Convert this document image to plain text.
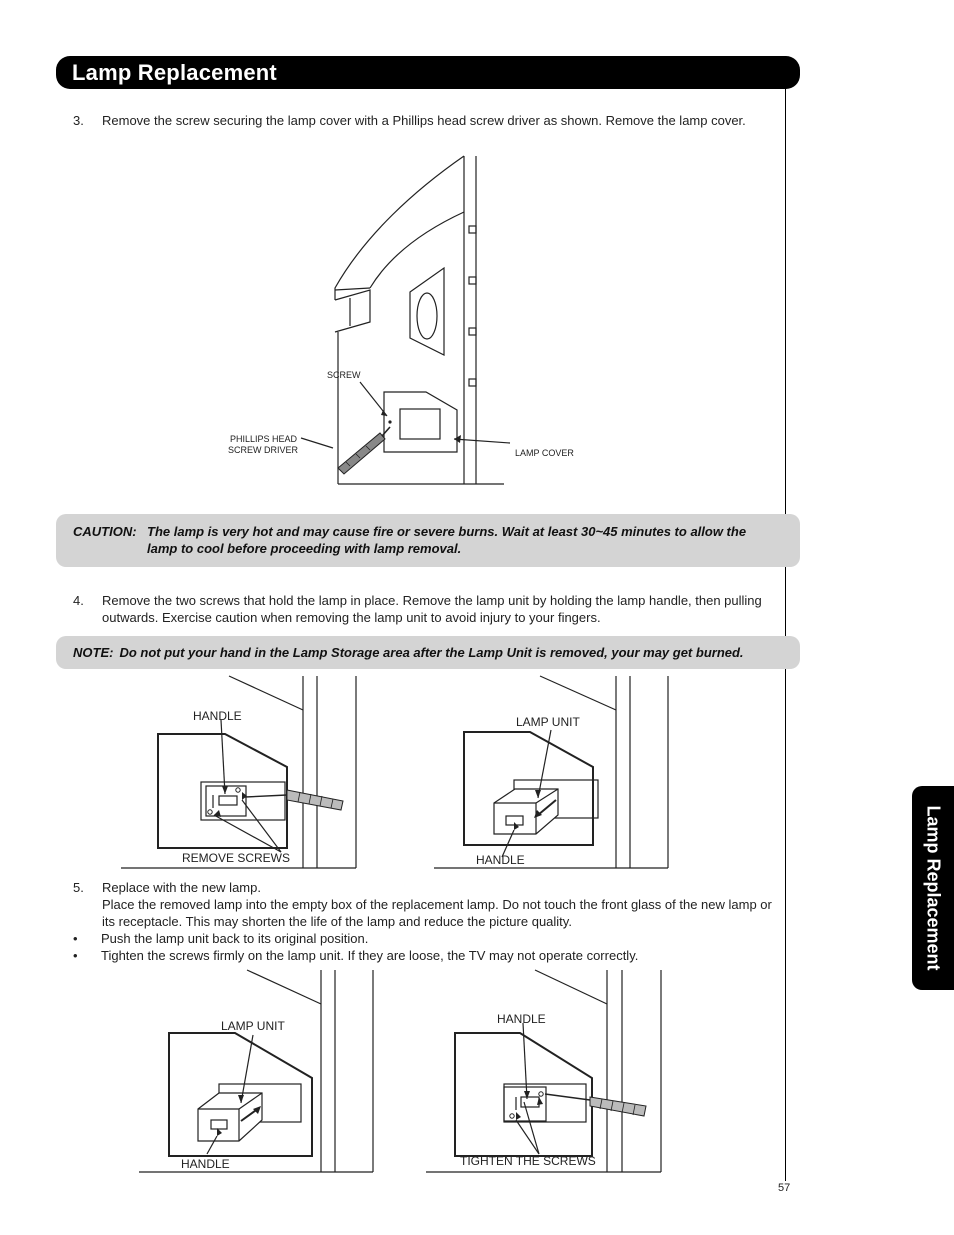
Lamp Replacement
3. Remove the screw securing the lamp cover with a Phillips head screw driver as shown. Remove the lamp cover.
SCREW
PHILLIPS HEAD
SCREW DRIVER	LAMP COVER
CAUTION: The lamp is very hot and may cause fire or severe burns. Wait at least 30~45 minutes to allow the lamp to cool before proceeding with lamp removal.
4. Remove the two screws that hold the lamp in place. Remove the lamp unit by holding the lamp handle, then pulling outwards. Exercise caution when removing the lamp unit to avoid injury to your fingers.
NOTE: Do not put your hand in the Lamp Storage area after the Lamp Unit is removed, your may get burned.
HANDLE
REMOVE SCREWS
LAMP UNIT
HANDLE
5. Replace with the new lamp.
Place the removed lamp into the empty box of the replacement lamp. Do not touch the front glass of the new lamp or its receptacle. This may shorten the life of the lamp and reduce the picture quality.
• Push the lamp unit back to its original position.
• Tighten the screws firmly on the lamp unit. If they are loose, the TV may not operate correctly.
LAMP UNIT
HANDLE
HANDLE
TIGHTEN THE SCREWS
Lamp Replacement
57
